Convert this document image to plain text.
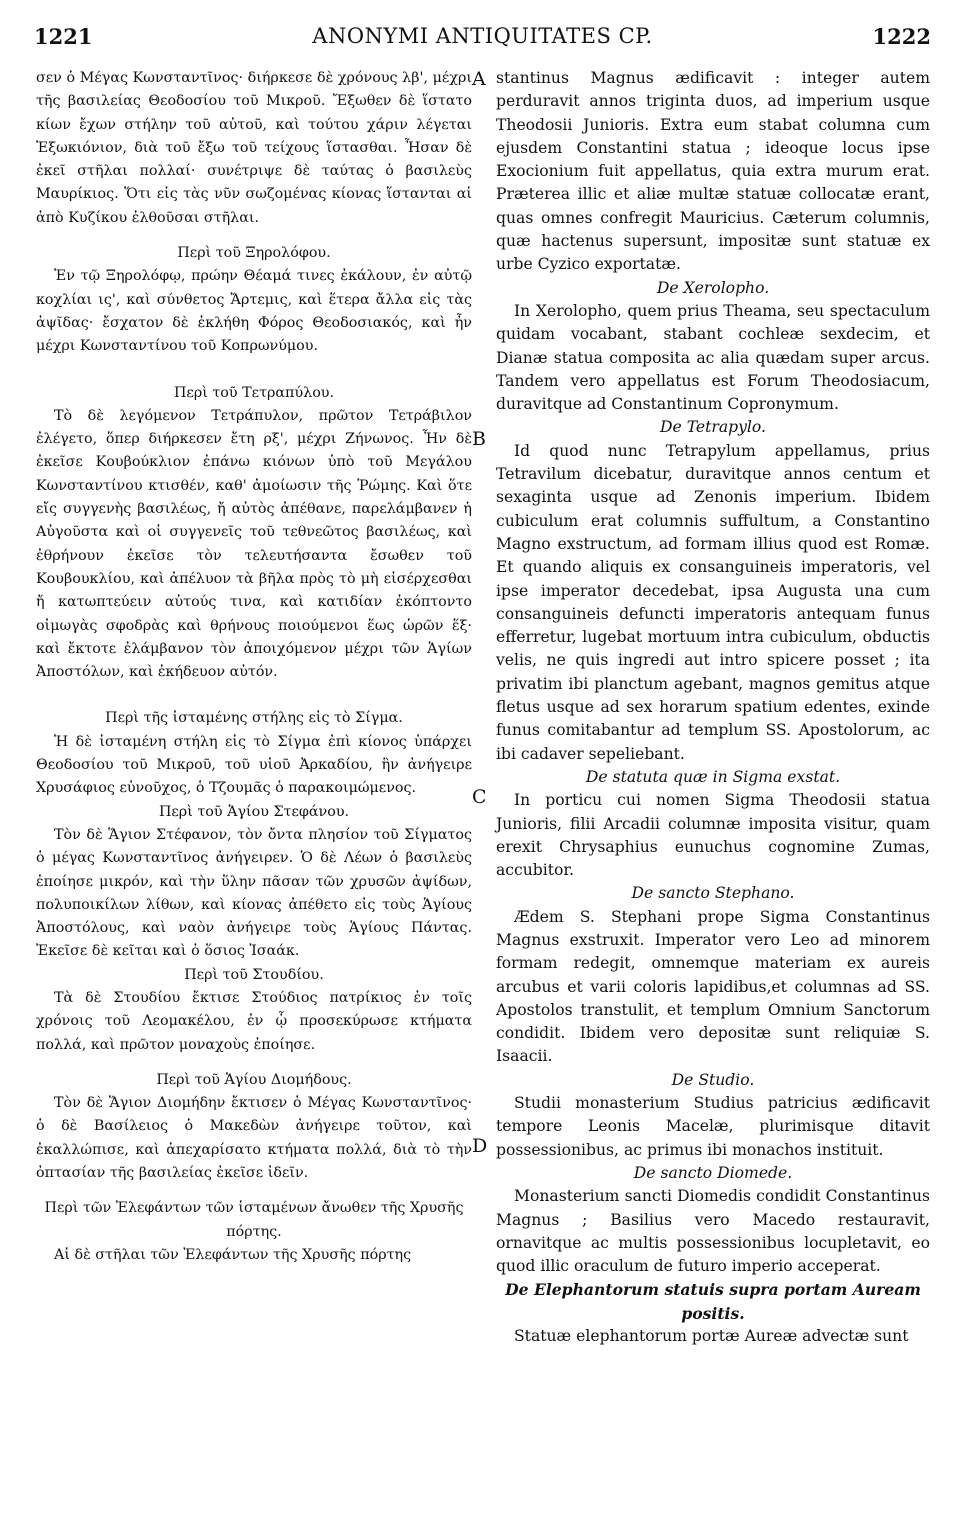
1221	ANONYMI ANTIQUITATES CP.	1222

σεν ὁ Μέγας Κωνσταντῖνος· διήρκεσε δὲ χρόνους λβ', μέχρι τῆς βασιλείας Θεοδοσίου τοῦ Μικροῦ. Ἔξωθεν δὲ ἵστατο κίων ἔχων στήλην τοῦ αὐτοῦ, καὶ τούτου χάριν λέγεται Ἐξωκιόνιον, διὰ τοῦ ἔξω τοῦ τείχους ἵστασθαι. Ἦσαν δὲ ἐκεῖ στῆλαι πολλαί· συνέτριψε δὲ ταύτας ὁ βασιλεὺς Μαυρίκιος. Ὅτι εἰς τὰς νῦν σωζομένας κίονας ἵστανται αἱ ἀπὸ Κυζίκου ἐλθοῦσαι στῆλαι.

Περὶ τοῦ Ξηρολόφου.

Ἐν τῷ Ξηρολόφῳ, πρώην Θέαμά τινες ἐκάλουν, ἐν αὐτῷ κοχλίαι ις', καὶ σύνθετος Ἄρτεμις, καὶ ἕτερα ἄλλα εἰς τὰς ἀψῖδας· ἔσχατον δὲ ἐκλήθη Φόρος Θεοδοσιακός, καὶ ἦν μέχρι Κωνσταντίνου τοῦ Κοπρωνύμου.

Περὶ τοῦ Τετραπύλου.

Τὸ δὲ λεγόμενον Τετράπυλον, πρῶτον Τετράβιλον ἐλέγετο, ὅπερ διήρκεσεν ἔτη ρξ', μέχρι Ζήνωνος. Ἦν δὲ ἐκεῖσε Κουβούκλιον ἐπάνω κιόνων ὑπὸ τοῦ Μεγάλου Κωνσταντίνου κτισθέν, καθ' ἀμοίωσιν τῆς Ῥώμης. Καὶ ὅτε εἴς συγγενὴς βασιλέως, ἤ αὐτὸς ἀπέθανε, παρελάμβανεν ἡ Αὐγοῦστα καὶ οἱ συγγενεῖς τοῦ τεθνεῶτος βασιλέως, καὶ ἐθρήνουν ἐκεῖσε τὸν τελευτήσαντα ἔσωθεν τοῦ Κουβουκλίου, καὶ ἀπέλυον τὰ βῆλα πρὸς τὸ μὴ εἰσέρχεσθαι ἤ κατωπτεύειν αὐτούς τινα, καὶ κατιδίαν ἐκόπτοντο οἰμωγὰς σφοδρὰς καὶ θρήνους ποιούμενοι ἕως ὡρῶν ἕξ· καὶ ἔκτοτε ἐλάμβανον τὸν ἀποιχόμενον μέχρι τῶν Ἁγίων Ἀποστόλων, καὶ ἐκήδευον αὐτόν.

Περὶ τῆς ἱσταμένης στήλης εἰς τὸ Σίγμα.

Ἡ δὲ ἱσταμένη στήλη εἰς τὸ Σίγμα ἐπὶ κίονος ὑπάρχει Θεοδοσίου τοῦ Μικροῦ, τοῦ υἱοῦ Ἀρκαδίου, ἣν ἀνήγειρε Χρυσάφιος εὐνοῦχος, ὁ Τζουμᾶς ὁ παρακοιμώμενος.

Περὶ τοῦ Ἁγίου Στεφάνου.

Τὸν δὲ Ἅγιον Στέφανον, τὸν ὄντα πλησίον τοῦ Σίγματος ὁ μέγας Κωνσταντῖνος ἀνήγειρεν. Ὁ δὲ Λέων ὁ βασιλεὺς ἐποίησε μικρόν, καὶ τὴν ὕλην πᾶσαν τῶν χρυσῶν ἀψίδων, πολυποικίλων λίθων, καὶ κίονας ἀπέθετο εἰς τοὺς Ἁγίους Ἀποστόλους, καὶ ναὸν ἀνήγειρε τοὺς Ἁγίους Πάντας. Ἐκεῖσε δὲ κεῖται καὶ ὁ ὅσιος Ἰσαάκ.

Περὶ τοῦ Στουδίου.

Τὰ δὲ Στουδίου ἔκτισε Στούδιος πατρίκιος ἐν τοῖς χρόνοις τοῦ Λεομακέλου, ἐν ᾧ προσεκύρωσε κτήματα πολλά, καὶ πρῶτον μοναχοὺς ἐποίησε.

Περὶ τοῦ Ἁγίου Διομήδους.

Τὸν δὲ Ἅγιον Διομήδην ἔκτισεν ὁ Μέγας Κωνσταντῖνος· ὁ δὲ Βασίλειος ὁ Μακεδὼν ἀνήγειρε τοῦτον, καὶ ἐκαλλώπισε, καὶ ἀπεχαρίσατο κτήματα πολλά, διὰ τὸ τὴν ὀπτασίαν τῆς βασιλείας ἐκεῖσε ἰδεῖν.

Περὶ τῶν Ἐλεφάντων τῶν ἱσταμένων ἄνωθεν τῆς Χρυσῆς πόρτης.

Αἱ δὲ στῆλαι τῶν Ἐλεφάντων τῆς Χρυσῆς πόρτης

A
B
C
D

stantinus Magnus ædificavit : integer autem perduravit annos triginta duos, ad imperium usque Theodosii Junioris. Extra eum stabat columna cum ejusdem Constantini statua ; ideoque locus ipse Exocionium fuit appellatus, quia extra murum erat. Præterea illic et aliæ multæ statuæ collocatæ erant, quas omnes confregit Mauricius. Cæterum columnis, quæ hactenus supersunt, impositæ sunt statuæ ex urbe Cyzico exportatæ.

De Xerolopho.

In Xerolopho, quem prius Theama, seu spectaculum quidam vocabant, stabant cochleæ sexdecim, et Dianæ statua composita ac alia quædam super arcus. Tandem vero appellatus est Forum Theodosiacum, duravitque ad Constantinum Copronymum.

De Tetrapylo.

Id quod nunc Tetrapylum appellamus, prius Tetravilum dicebatur, duravitque annos centum et sexaginta usque ad Zenonis imperium. Ibidem cubiculum erat columnis suffultum, a Constantino Magno exstructum, ad formam illius quod est Romæ. Et quando aliquis ex consanguineis imperatoris, vel ipse imperator decedebat, ipsa Augusta una cum consanguineis defuncti imperatoris antequam funus efferretur, lugebat mortuum intra cubiculum, obductis velis, ne quis ingredi aut intro spicere posset ; ita privatim ibi planctum agebant, magnos gemitus atque fletus usque ad sex horarum spatium edentes, exinde funus comitabantur ad templum SS. Apostolorum, ac ibi cadaver sepeliebant.

De statuta quæ in Sigma exstat.

In porticu cui nomen Sigma Theodosii statua Junioris, filii Arcadii columnæ imposita visitur, quam erexit Chrysaphius eunuchus cognomine Zumas, accubitor.

De sancto Stephano.

Ædem S. Stephani prope Sigma Constantinus Magnus exstruxit. Imperator vero Leo ad minorem formam redegit, omnemque materiam ex aureis arcubus et varii coloris lapidibus,et columnas ad SS. Apostolos transtulit, et templum Omnium Sanctorum condidit. Ibidem vero depositæ sunt reliquiæ S. Isaacii.

De Studio.

Studii monasterium Studius patricius ædificavit tempore Leonis Macelæ, plurimisque ditavit possessionibus, ac primus ibi monachos instituit.

De sancto Diomede.

Monasterium sancti Diomedis condidit Constantinus Magnus ; Basilius vero Macedo restauravit, ornavitque ac multis possessionibus locupletavit, eo quod illic oraculum de futuro imperio acceperat.

De Elephantorum statuis supra portam Auream positis.

Statuæ elephantorum portæ Aureæ advectæ sunt
